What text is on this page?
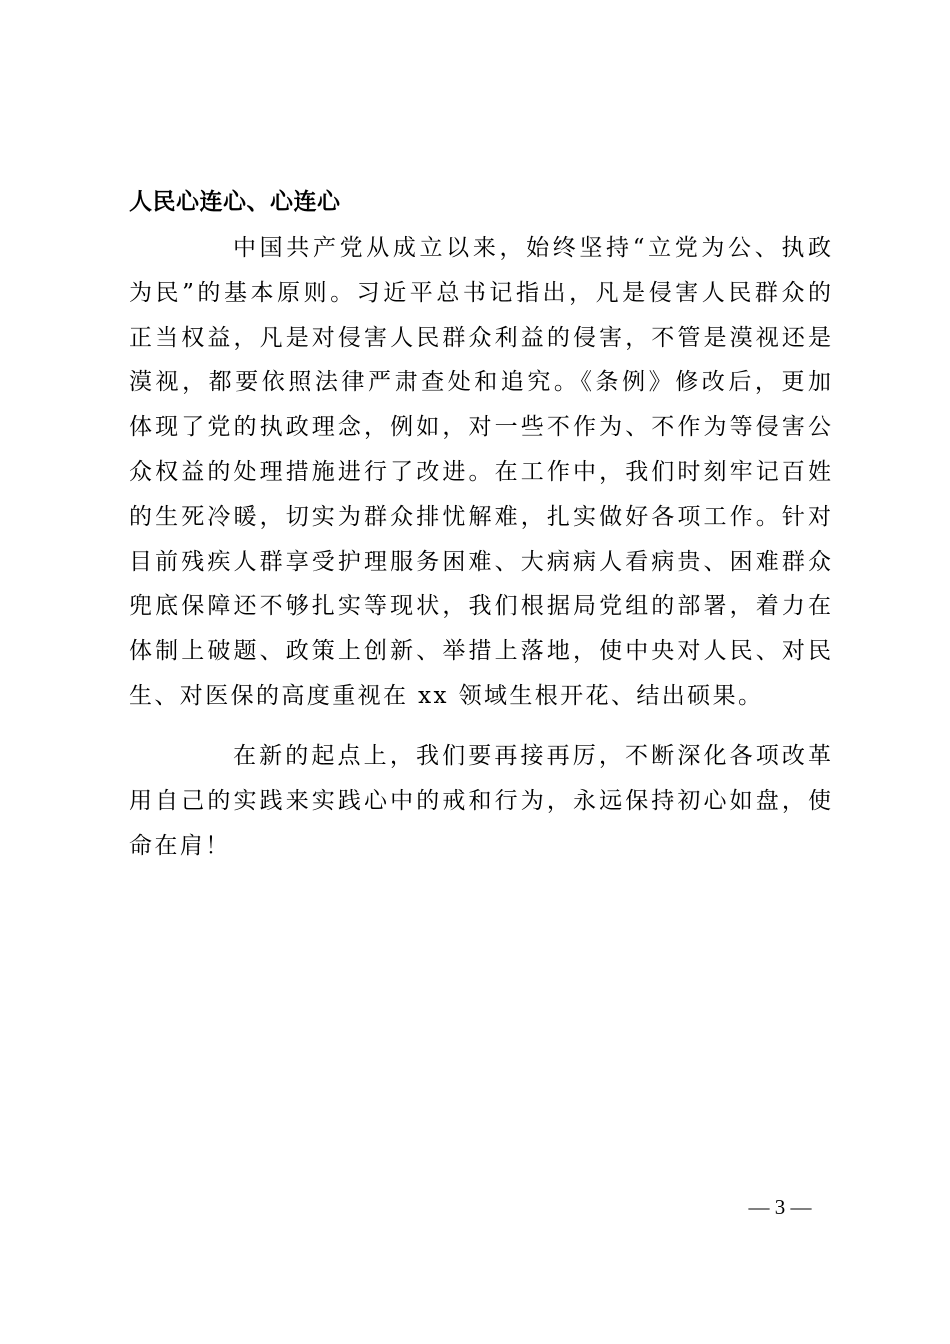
人民心连心、心连心
中国共产党从成立以来，始终坚持“立党为公、执政
为民”的基本原则。习近平总书记指出，凡是侵害人民群众的
正当权益，凡是对侵害人民群众利益的侵害，不管是漠视还是
漠视，都要依照法律严肃查处和追究。《条例》修改后，更加
体现了党的执政理念，例如，对一些不作为、不作为等侵害公
众权益的处理措施进行了改进。在工作中，我们时刻牢记百姓
的生死冷暖，切实为群众排忧解难，扎实做好各项工作。针对
目前残疾人群享受护理服务困难、大病病人看病贵、困难群众
兜底保障还不够扎实等现状，我们根据局党组的部署，着力在
体制上破题、政策上创新、举措上落地，使中央对人民、对民
生、对医保的高度重视在 xx 领域生根开花、结出硕果。
在新的起点上，我们要再接再厉，不断深化各项改革
用自己的实践来实践心中的戒和行为，永远保持初心如盘，使
命在肩！
— 3 —
